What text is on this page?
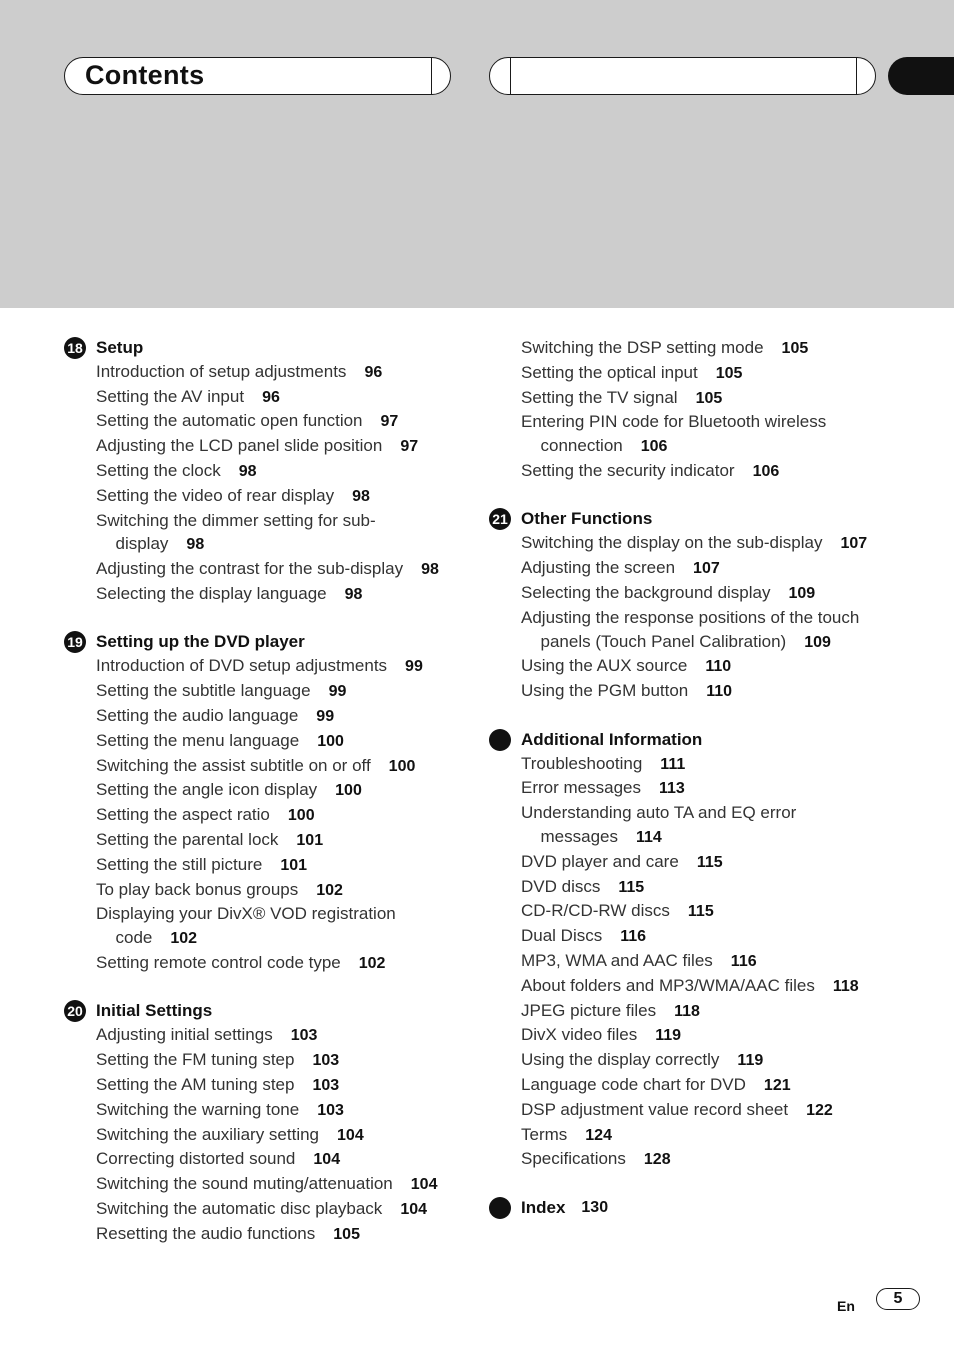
Contents
18 Setup
Introduction of setup adjustments 96
Setting the AV input 96
Setting the automatic open function 97
Adjusting the LCD panel slide position 97
Setting the clock 98
Setting the video of rear display 98
Switching the dimmer setting for sub-display 98
Adjusting the contrast for the sub-display 98
Selecting the display language 98
19 Setting up the DVD player
Introduction of DVD setup adjustments 99
Setting the subtitle language 99
Setting the audio language 99
Setting the menu language 100
Switching the assist subtitle on or off 100
Setting the angle icon display 100
Setting the aspect ratio 100
Setting the parental lock 101
Setting the still picture 101
To play back bonus groups 102
Displaying your DivX® VOD registration code 102
Setting remote control code type 102
20 Initial Settings
Adjusting initial settings 103
Setting the FM tuning step 103
Setting the AM tuning step 103
Switching the warning tone 103
Switching the auxiliary setting 104
Correcting distorted sound 104
Switching the sound muting/attenuation 104
Switching the automatic disc playback 104
Resetting the audio functions 105
Switching the DSP setting mode 105
Setting the optical input 105
Setting the TV signal 105
Entering PIN code for Bluetooth wireless connection 106
Setting the security indicator 106
21 Other Functions
Switching the display on the sub-display 107
Adjusting the screen 107
Selecting the background display 109
Adjusting the response positions of the touch panels (Touch Panel Calibration) 109
Using the AUX source 110
Using the PGM button 110
Additional Information
Troubleshooting 111
Error messages 113
Understanding auto TA and EQ error messages 114
DVD player and care 115
DVD discs 115
CD-R/CD-RW discs 115
Dual Discs 116
MP3, WMA and AAC files 116
About folders and MP3/WMA/AAC files 118
JPEG picture files 118
DivX video files 119
Using the display correctly 119
Language code chart for DVD 121
DSP adjustment value record sheet 122
Terms 124
Specifications 128
Index 130
En	5
